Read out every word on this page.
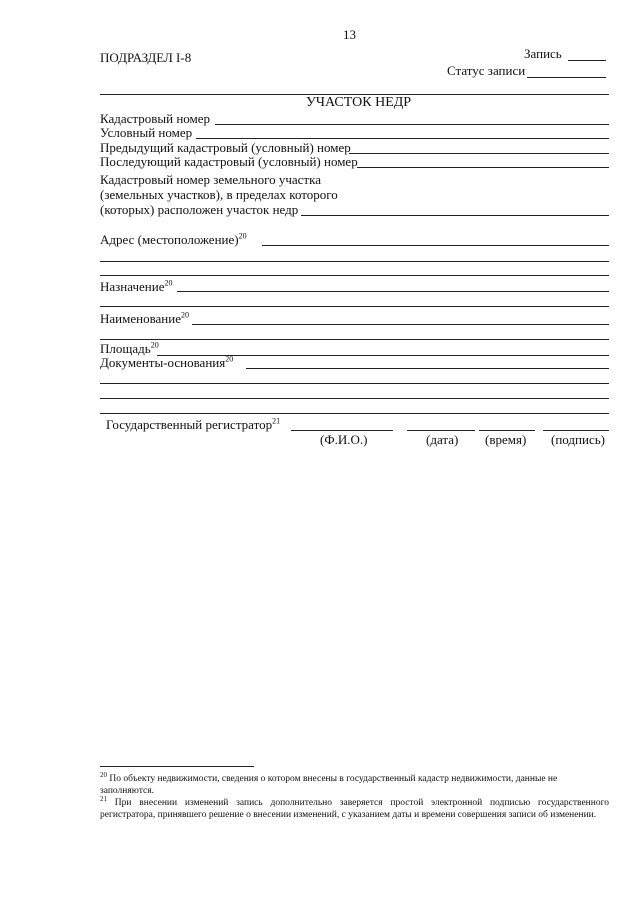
13
ПОДРАЗДЕЛ I-8	Запись
Статус записи
УЧАСТОК НЕДР
Кадастровый номер
Условный номер
Предыдущий кадастровый (условный) номер
Последующий кадастровый (условный) номер
Кадастровый номер земельного участка
(земельных участков), в пределах которого
(которых) расположен участок недр
Адрес (местоположение)$^{20}$
Назначение$^{20}$
Наименование$^{20}$
Площадь$^{20}$
Документы-основания$^{20}$
Государственный регистратор$^{21}$
(Ф.И.О.)	(дата) (время) (подпись)
$^{20}$ По объекту недвижимости, сведения о котором внесены в государственный кадастр недвижимости, данные не заполняются.
$^{21}$ При внесении изменений запись дополнительно заверяется простой электронной подписью государственного регистратора, принявшего решение о внесении изменений, с указанием даты и времени совершения записи об изменении.
